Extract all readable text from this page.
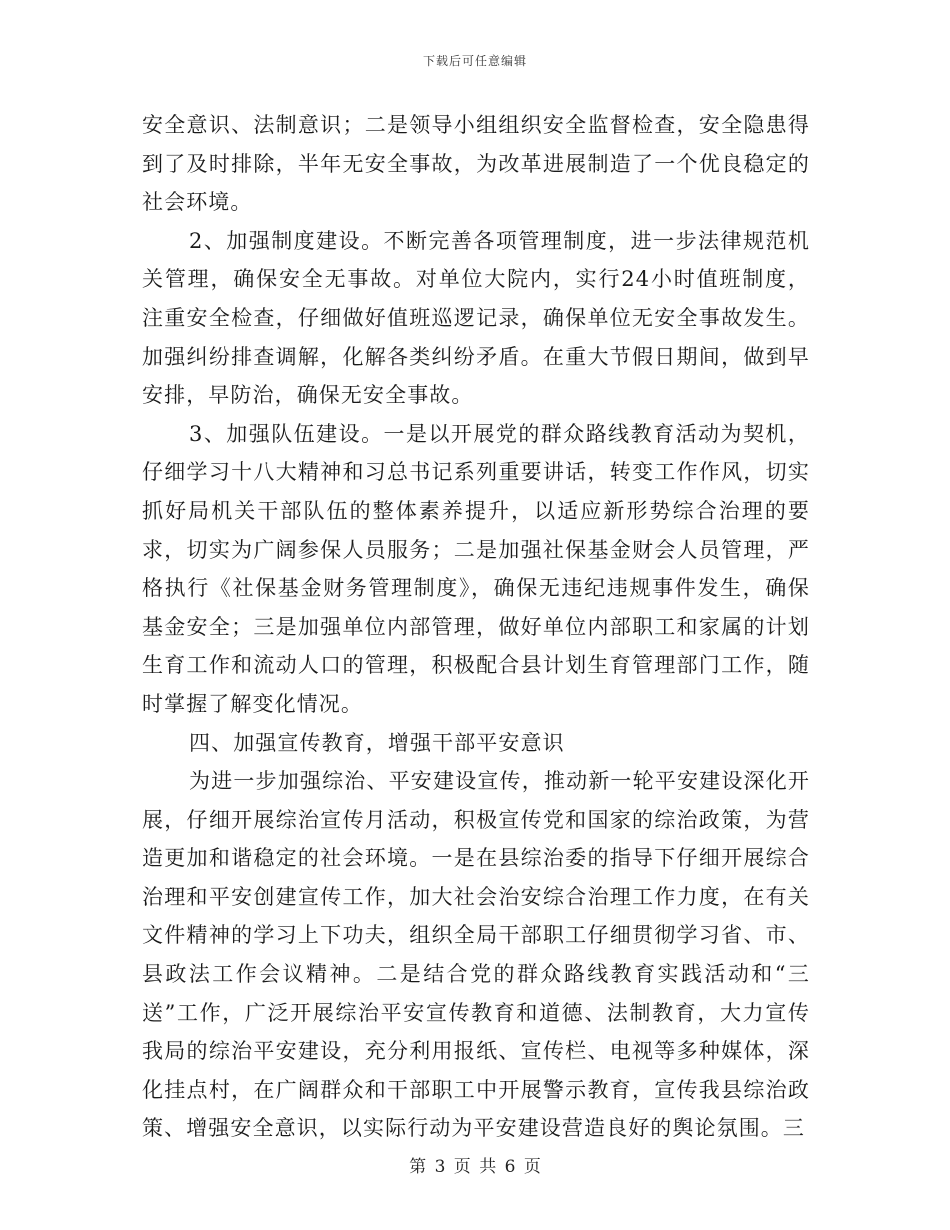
下载后可任意编辑

安全意识、法制意识；二是领导小组组织安全监督检查，安全隐患得到了及时排除，半年无安全事故，为改革进展制造了一个优良稳定的社会环境。

2、加强制度建设。不断完善各项管理制度，进一步法律规范机关管理，确保安全无事故。对单位大院内，实行24小时值班制度，注重安全检查，仔细做好值班巡逻记录，确保单位无安全事故发生。加强纠纷排查调解，化解各类纠纷矛盾。在重大节假日期间，做到早安排，早防治，确保无安全事故。

3、加强队伍建设。一是以开展党的群众路线教育活动为契机，仔细学习十八大精神和习总书记系列重要讲话，转变工作作风，切实抓好局机关干部队伍的整体素养提升，以适应新形势综合治理的要求，切实为广阔参保人员服务；二是加强社保基金财会人员管理，严格执行《社保基金财务管理制度》，确保无违纪违规事件发生，确保基金安全；三是加强单位内部管理，做好单位内部职工和家属的计划生育工作和流动人口的管理，积极配合县计划生育管理部门工作，随时掌握了解变化情况。

四、加强宣传教育，增强干部平安意识

为进一步加强综治、平安建设宣传，推动新一轮平安建设深化开展，仔细开展综治宣传月活动，积极宣传党和国家的综治政策，为营造更加和谐稳定的社会环境。一是在县综治委的指导下仔细开展综合治理和平安创建宣传工作，加大社会治安综合治理工作力度，在有关文件精神的学习上下功夫，组织全局干部职工仔细贯彻学习省、市、县政法工作会议精神。二是结合党的群众路线教育实践活动和“三送”工作，广泛开展综治平安宣传教育和道德、法制教育，大力宣传我局的综治平安建设，充分利用报纸、宣传栏、电视等多种媒体，深化挂点村，在广阔群众和干部职工中开展警示教育，宣传我县综治政策、增强安全意识，以实际行动为平安建设营造良好的舆论氛围。三

第 3 页 共 6 页
